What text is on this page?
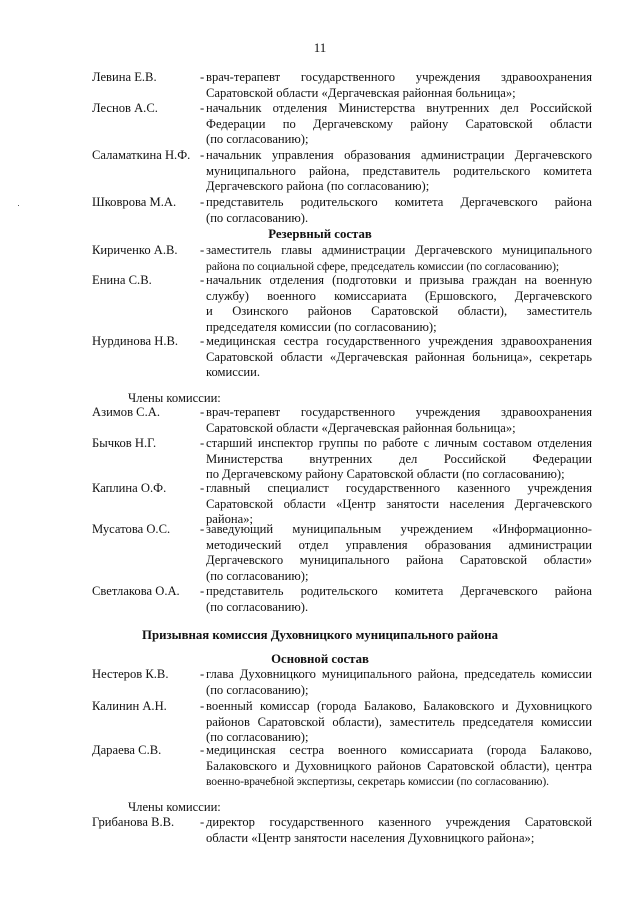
11
Левина Е.В.	- врач-терапевт государственного учреждения здравоохранения
Саратовской области «Дергачевская районная больница»;
Леснов А.С.	- начальник отделения Министерства внутренних дел Российской
Федерации по Дергачевскому району Саратовской области
(по согласованию);
Саламаткина Н.Ф. - начальник управления образования администрации Дергачевского
муниципального района, представитель родительского комитета
Дергачевского района (по согласованию);
Шковрова М.А. - представитель родительского комитета Дергачевского района
(по согласованию).
Резервный состав
Кириченко А.В. - заместитель главы администрации Дергачевского муниципального
района по социальной сфере, председатель комиссии (по согласованию);
Енина С.В.	- начальник отделения (подготовки и призыва граждан на военную
службу) военного комиссариата (Ершовского, Дергачевского
и Озинского районов Саратовской области), заместитель
председателя комиссии (по согласованию);
Нурдинова Н.В. - медицинская сестра государственного учреждения здравоохранения
Саратовской области «Дергачевская районная больница», секретарь
комиссии.
Члены комиссии:
Азимов С.А.	- врач-терапевт государственного учреждения здравоохранения
Саратовской области «Дергачевская районная больница»;
Бычков Н.Г.	- старший инспектор группы по работе с личным составом отделения
Министерства внутренних дел Российской Федерации
по Дергачевскому району Саратовской области (по согласованию);
Каплина О.Ф.	- главный специалист государственного казенного учреждения
Саратовской области «Центр занятости населения Дергачевского
района»;
Мусатова О.С. - заведующий муниципальным учреждением «Информационно-
методический отдел управления образования администрации
Дергачевского муниципального района Саратовской области»
(по согласованию);
Светлакова О.А. - представитель родительского комитета Дергачевского района
(по согласованию).
Призывная комиссия Духовницкого муниципального района
Основной состав
Нестеров К.В.	- глава Духовницкого муниципального района, председатель комиссии
(по согласованию);
Калинин А.Н.	- военный комиссар (города Балаково, Балаковского и Духовницкого
районов Саратовской области), заместитель председателя комиссии
(по согласованию);
Дараева С.В.	- медицинская сестра военного комиссариата (города Балаково,
Балаковского и Духовницкого районов Саратовской области), центра
военно-врачебной экспертизы, секретарь комиссии (по согласованию).
Члены комиссии:
Грибанова В.В. - директор государственного казенного учреждения Саратовской
области «Центр занятости населения Духовницкого района»;
